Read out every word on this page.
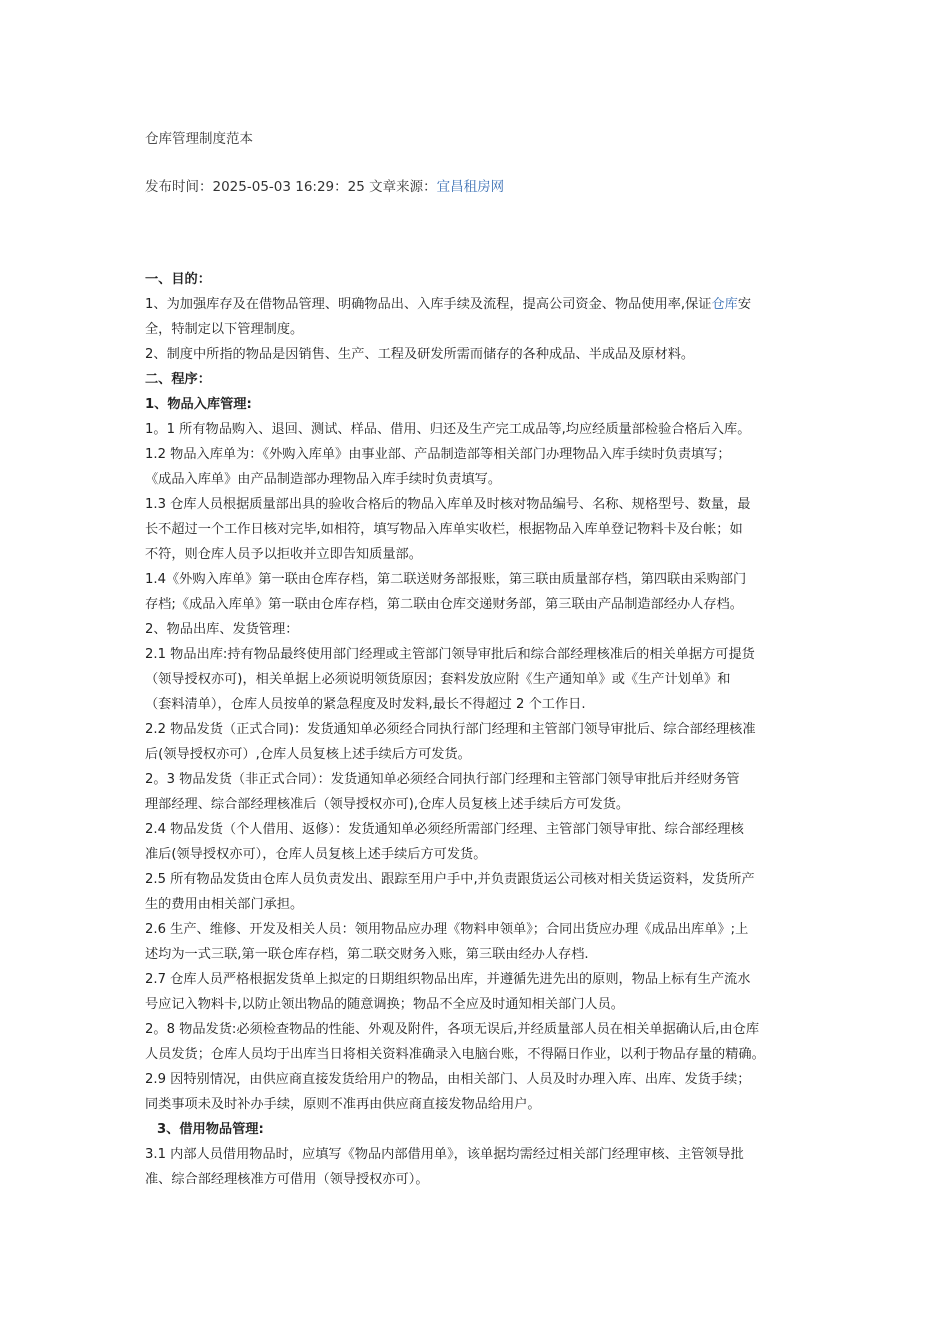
仓库管理制度范本
发布时间：2025-05-03 16:29：25 文章来源：宜昌租房网
一、目的：
1、为加强库存及在借物品管理、明确物品出、入库手续及流程，提高公司资金、物品使用率,保证仓库安
全，特制定以下管理制度。
2、制度中所指的物品是因销售、生产、工程及研发所需而储存的各种成品、半成品及原材料。
二、程序：
1、物品入库管理:
1。1 所有物品购入、退回、测试、样品、借用、归还及生产完工成品等,均应经质量部检验合格后入库。
1.2 物品入库单为：《外购入库单》由事业部、产品制造部等相关部门办理物品入库手续时负责填写；
《成品入库单》由产品制造部办理物品入库手续时负责填写。
1.3 仓库人员根据质量部出具的验收合格后的物品入库单及时核对物品编号、名称、规格型号、数量，最
长不超过一个工作日核对完毕,如相符，填写物品入库单实收栏，根据物品入库单登记物料卡及台帐；如
不符，则仓库人员予以拒收并立即告知质量部。
1.4《外购入库单》第一联由仓库存档，第二联送财务部报账，第三联由质量部存档，第四联由采购部门
存档;《成品入库单》第一联由仓库存档，第二联由仓库交递财务部，第三联由产品制造部经办人存档。
2、物品出库、发货管理：
2.1 物品出库:持有物品最终使用部门经理或主管部门领导审批后和综合部经理核准后的相关单据方可提货
（领导授权亦可)，相关单据上必须说明领货原因；套料发放应附《生产通知单》或《生产计划单》和
（套料清单），仓库人员按单的紧急程度及时发料,最长不得超过 2 个工作日.
2.2 物品发货（正式合同)：发货通知单必须经合同执行部门经理和主管部门领导审批后、综合部经理核准
后(领导授权亦可）,仓库人员复核上述手续后方可发货。
2。3 物品发货（非正式合同）：发货通知单必须经合同执行部门经理和主管部门领导审批后并经财务管
理部经理、综合部经理核准后（领导授权亦可),仓库人员复核上述手续后方可发货。
2.4 物品发货（个人借用、返修）：发货通知单必须经所需部门经理、主管部门领导审批、综合部经理核
准后(领导授权亦可），仓库人员复核上述手续后方可发货。
2.5 所有物品发货由仓库人员负责发出、跟踪至用户手中,并负责跟货运公司核对相关货运资料，发货所产
生的费用由相关部门承担。
2.6 生产、维修、开发及相关人员：领用物品应办理《物料申领单》；合同出货应办理《成品出库单》;上
述均为一式三联,第一联仓库存档，第二联交财务入账，第三联由经办人存档.
2.7 仓库人员严格根据发货单上拟定的日期组织物品出库，并遵循先进先出的原则，物品上标有生产流水
号应记入物料卡,以防止领出物品的随意调换；物品不全应及时通知相关部门人员。
2。8 物品发货:必须检查物品的性能、外观及附件，各项无误后,并经质量部人员在相关单据确认后,由仓库
人员发货；仓库人员均于出库当日将相关资料准确录入电脑台账，不得隔日作业，以利于物品存量的精确。
2.9 因特别情况，由供应商直接发货给用户的物品，由相关部门、人员及时办理入库、出库、发货手续；
同类事项未及时补办手续，原则不准再由供应商直接发物品给用户。
3、借用物品管理:
3.1 内部人员借用物品时，应填写《物品内部借用单》，该单据均需经过相关部门经理审核、主管领导批
准、综合部经理核准方可借用（领导授权亦可）。
